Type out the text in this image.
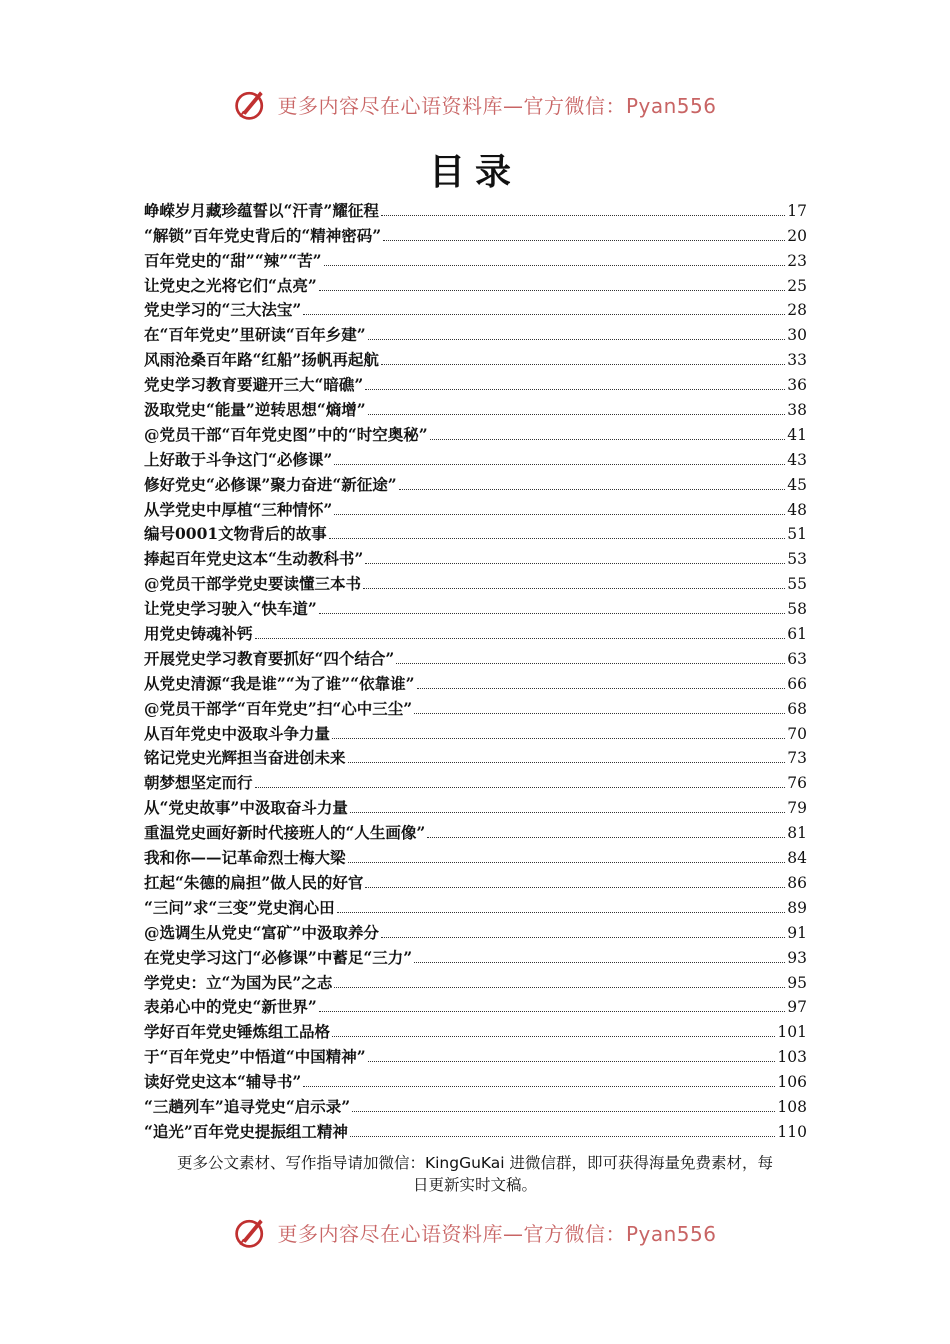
更多内容尽在心语资料库—官方微信：Pyan556
目录
峥嵘岁月藏珍蕴誓以“汗青”耀征程	17
“解锁”百年党史背后的“精神密码”	20
百年党史的“甜”“辣”“苦”	23
让党史之光将它们“点亮”	25
党史学习的“三大法宝”	28
在“百年党史”里研读“百年乡建”	30
风雨沧桑百年路“红船”扬帆再起航	33
党史学习教育要避开三大“暗礁”	36
汲取党史“能量”逆转思想“熵增”	38
@党员干部“百年党史图”中的“时空奥秘”	41
上好敢于斗争这门“必修课”	43
修好党史“必修课”聚力奋进“新征途”	45
从学党史中厚植“三种情怀”	48
编号0001文物背后的故事	51
捧起百年党史这本“生动教科书”	53
@党员干部学党史要读懂三本书	55
让党史学习驶入“快车道”	58
用党史铸魂补钙	61
开展党史学习教育要抓好“四个结合”	63
从党史清源“我是谁”“为了谁”“依靠谁”	66
@党员干部学“百年党史”扫“心中三尘”	68
从百年党史中汲取斗争力量	70
铭记党史光辉担当奋进创未来	73
朝梦想坚定而行	76
从“党史故事”中汲取奋斗力量	79
重温党史画好新时代接班人的“人生画像”	81
我和你——记革命烈士梅大梁	84
扛起“朱德的扁担”做人民的好官	86
“三问”求“三变”党史润心田	89
@选调生从党史“富矿”中汲取养分	91
在党史学习这门“必修课”中蓄足“三力”	93
学党史：立“为国为民”之志	95
表弟心中的党史“新世界”	97
学好百年党史锤炼组工品格	101
于“百年党史”中悟道“中国精神”	103
读好党史这本“辅导书”	106
“三趟列车”追寻党史“启示录”	108
“追光”百年党史提振组工精神	110
更多公文素材、写作指导请加微信：KingGuKai 进微信群，即可获得海量免费素材，每
日更新实时文稿。
更多内容尽在心语资料库—官方微信：Pyan556
